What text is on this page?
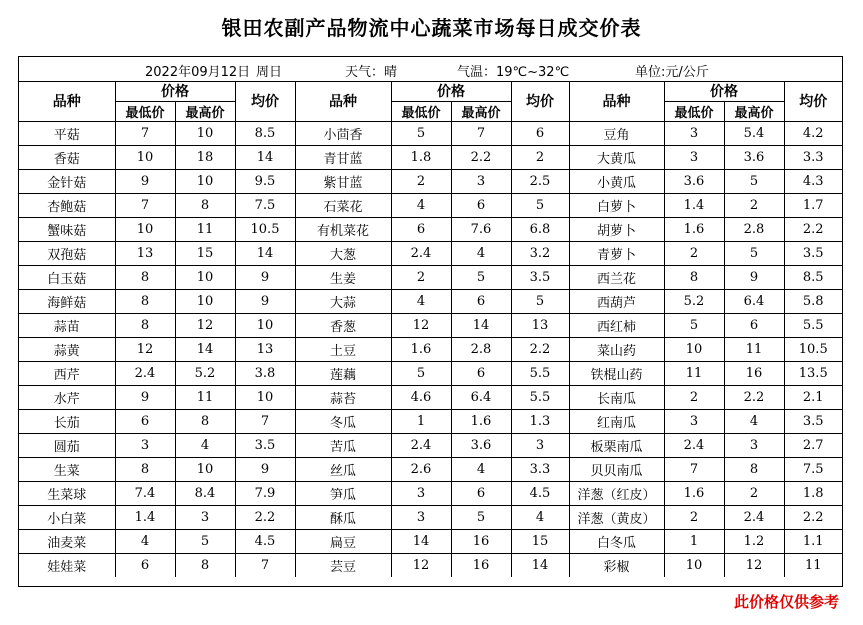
银田农副产品物流中心蔬菜市场每日成交价表
2022年09月12日 周日	天气：晴	气温：19℃~32℃	单位:元/公斤
品种	价格		均价	品种	价格		均价	品种	价格		均价
	最低价	最高价			最低价	最高价			最低价	最高价	
平菇	7	10	8.5	小茴香	5	7	6	豆角	3	5.4	4.2
香菇	10	18	14	青甘蓝	1.8	2.2	2	大黄瓜	3	3.6	3.3
金针菇	9	10	9.5	紫甘蓝	2	3	2.5	小黄瓜	3.6	5	4.3
杏鲍菇	7	8	7.5	石菜花	4	6	5	白萝卜	1.4	2	1.7
蟹味菇	10	11	10.5	有机菜花	6	7.6	6.8	胡萝卜	1.6	2.8	2.2
双孢菇	13	15	14	大葱	2.4	4	3.2	青萝卜	2	5	3.5
白玉菇	8	10	9	生姜	2	5	3.5	西兰花	8	9	8.5
海鲜菇	8	10	9	大蒜	4	6	5	西葫芦	5.2	6.4	5.8
蒜苗	8	12	10	香葱	12	14	13	西红柿	5	6	5.5
蒜黄	12	14	13	土豆	1.6	2.8	2.2	菜山药	10	11	10.5
西芹	2.4	5.2	3.8	莲藕	5	6	5.5	铁棍山药	11	16	13.5
水芹	9	11	10	蒜苔	4.6	6.4	5.5	长南瓜	2	2.2	2.1
长茄	6	8	7	冬瓜	1	1.6	1.3	红南瓜	3	4	3.5
圆茄	3	4	3.5	苦瓜	2.4	3.6	3	板栗南瓜	2.4	3	2.7
生菜	8	10	9	丝瓜	2.6	4	3.3	贝贝南瓜	7	8	7.5
生菜球	7.4	8.4	7.9	笋瓜	3	6	4.5	洋葱（红皮）	1.6	2	1.8
小白菜	1.4	3	2.2	酥瓜	3	5	4	洋葱（黄皮）	2	2.4	2.2
油麦菜	4	5	4.5	扁豆	14	16	15	白冬瓜	1	1.2	1.1
娃娃菜	6	8	7	芸豆	12	16	14	彩椒	10	12	11
此价格仅供参考
